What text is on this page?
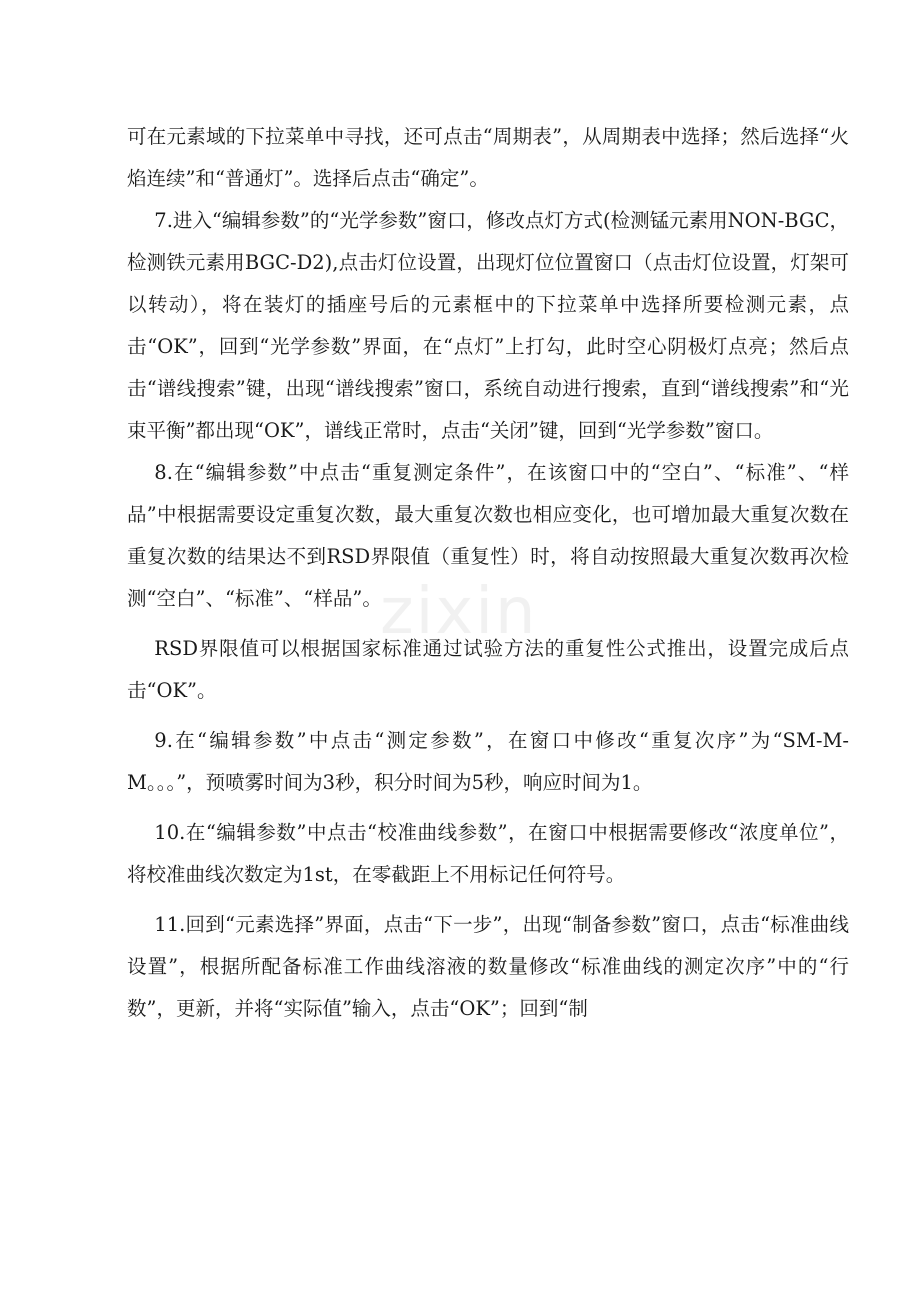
可在元素域的下拉菜单中寻找，还可点击“周期表”，从周期表中选择；然后选择“火焰连续”和“普通灯”。选择后点击“确定”。

7.进入“编辑参数”的“光学参数”窗口，修改点灯方式(检测锰元素用NON-BGC，检测铁元素用BGC-D2),点击灯位设置，出现灯位位置窗口（点击灯位设置，灯架可以转动），将在装灯的插座号后的元素框中的下拉菜单中选择所要检测元素，点击“OK”，回到“光学参数”界面，在“点灯”上打勾，此时空心阴极灯点亮；然后点击“谱线搜索”键，出现“谱线搜索”窗口，系统自动进行搜索，直到“谱线搜索”和“光束平衡”都出现“OK”，谱线正常时，点击“关闭”键，回到“光学参数”窗口。

8.在“编辑参数”中点击“重复测定条件”，在该窗口中的“空白”、“标准”、“样品”中根据需要设定重复次数，最大重复次数也相应变化，也可增加最大重复次数在重复次数的结果达不到RSD界限值（重复性）时，将自动按照最大重复次数再次检测“空白”、“标准”、“样品”。

RSD界限值可以根据国家标准通过试验方法的重复性公式推出，设置完成后点击“OK”。

9.在“编辑参数”中点击“测定参数”，在窗口中修改“重复次序”为“SM-M-M。。。”，预喷雾时间为3秒，积分时间为5秒，响应时间为1。

10.在“编辑参数”中点击“校准曲线参数”，在窗口中根据需要修改“浓度单位”，将校准曲线次数定为1st，在零截距上不用标记任何符号。

11.回到“元素选择”界面，点击“下一步”，出现“制备参数”窗口，点击“标准曲线设置”，根据所配备标准工作曲线溶液的数量修改“标准曲线的测定次序”中的“行数”，更新，并将“实际值”输入，点击“OK”；回到“制

zixin
